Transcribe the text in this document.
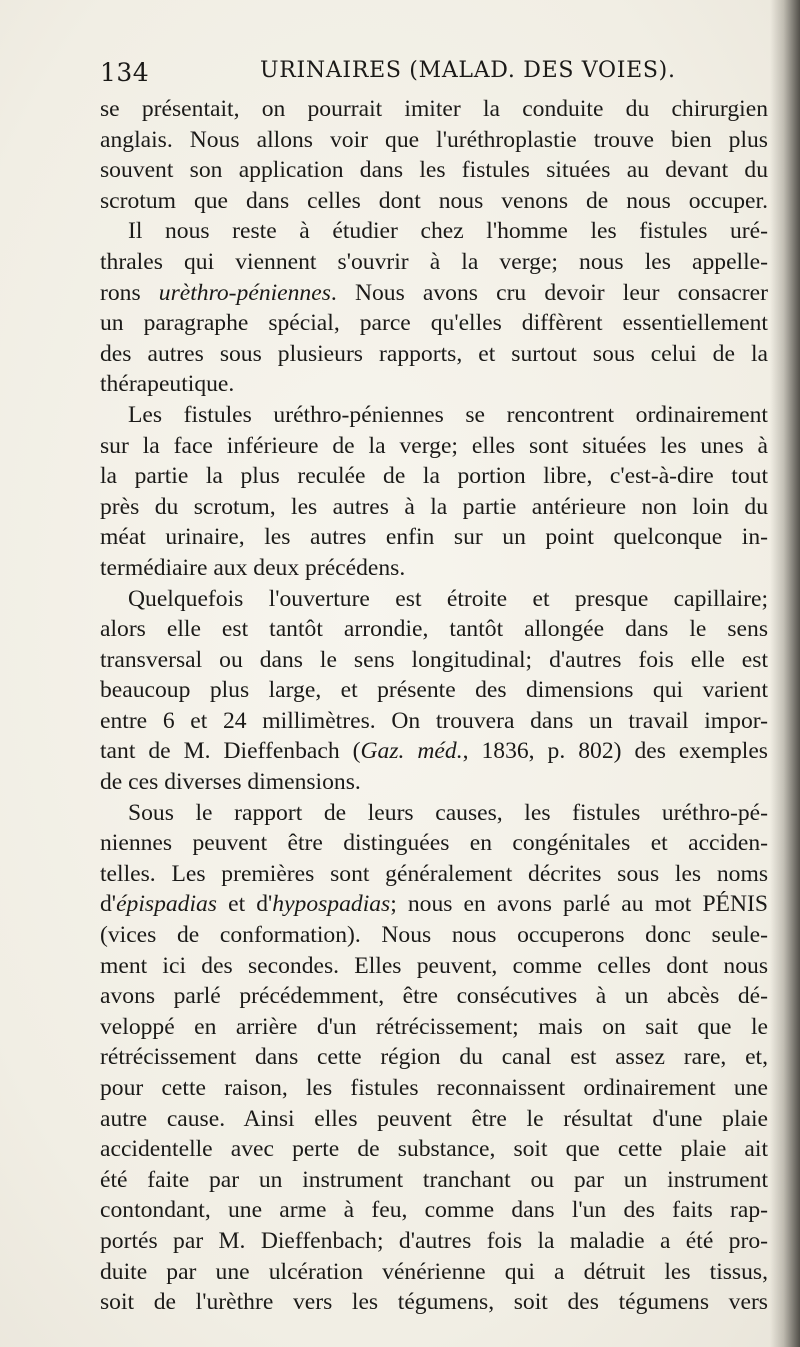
134	URINAIRES (MALAD. DES VOIES).
se présentait, on pourrait imiter la conduite du chirurgien
anglais. Nous allons voir que l'uréthroplastie trouve bien plus
souvent son application dans les fistules situées au devant du
scrotum que dans celles dont nous venons de nous occuper.
Il nous reste à étudier chez l'homme les fistules uré-
thrales qui viennent s'ouvrir à la verge; nous les appelle-
rons urèthro-péniennes. Nous avons cru devoir leur consacrer
un paragraphe spécial, parce qu'elles diffèrent essentiellement
des autres sous plusieurs rapports, et surtout sous celui de la
thérapeutique.
Les fistules uréthro-péniennes se rencontrent ordinairement
sur la face inférieure de la verge; elles sont situées les unes à
la partie la plus reculée de la portion libre, c'est-à-dire tout
près du scrotum, les autres à la partie antérieure non loin du
méat urinaire, les autres enfin sur un point quelconque in-
termédiaire aux deux précédens.
Quelquefois l'ouverture est étroite et presque capillaire;
alors elle est tantôt arrondie, tantôt allongée dans le sens
transversal ou dans le sens longitudinal; d'autres fois elle est
beaucoup plus large, et présente des dimensions qui varient
entre 6 et 24 millimètres. On trouvera dans un travail impor-
tant de M. Dieffenbach (Gaz. méd., 1836, p. 802) des exemples
de ces diverses dimensions.
Sous le rapport de leurs causes, les fistules uréthro-pé-
niennes peuvent être distinguées en congénitales et acciden-
telles. Les premières sont généralement décrites sous les noms
d'épispadias et d'hypospadias; nous en avons parlé au mot PÉNIS
(vices de conformation). Nous nous occuperons donc seule-
ment ici des secondes. Elles peuvent, comme celles dont nous
avons parlé précédemment, être consécutives à un abcès dé-
veloppé en arrière d'un rétrécissement; mais on sait que le
rétrécissement dans cette région du canal est assez rare, et,
pour cette raison, les fistules reconnaissent ordinairement une
autre cause. Ainsi elles peuvent être le résultat d'une plaie
accidentelle avec perte de substance, soit que cette plaie ait
été faite par un instrument tranchant ou par un instrument
contondant, une arme à feu, comme dans l'un des faits rap-
portés par M. Dieffenbach; d'autres fois la maladie a été pro-
duite par une ulcération vénérienne qui a détruit les tissus,
soit de l'urèthre vers les tégumens, soit des tégumens vers
